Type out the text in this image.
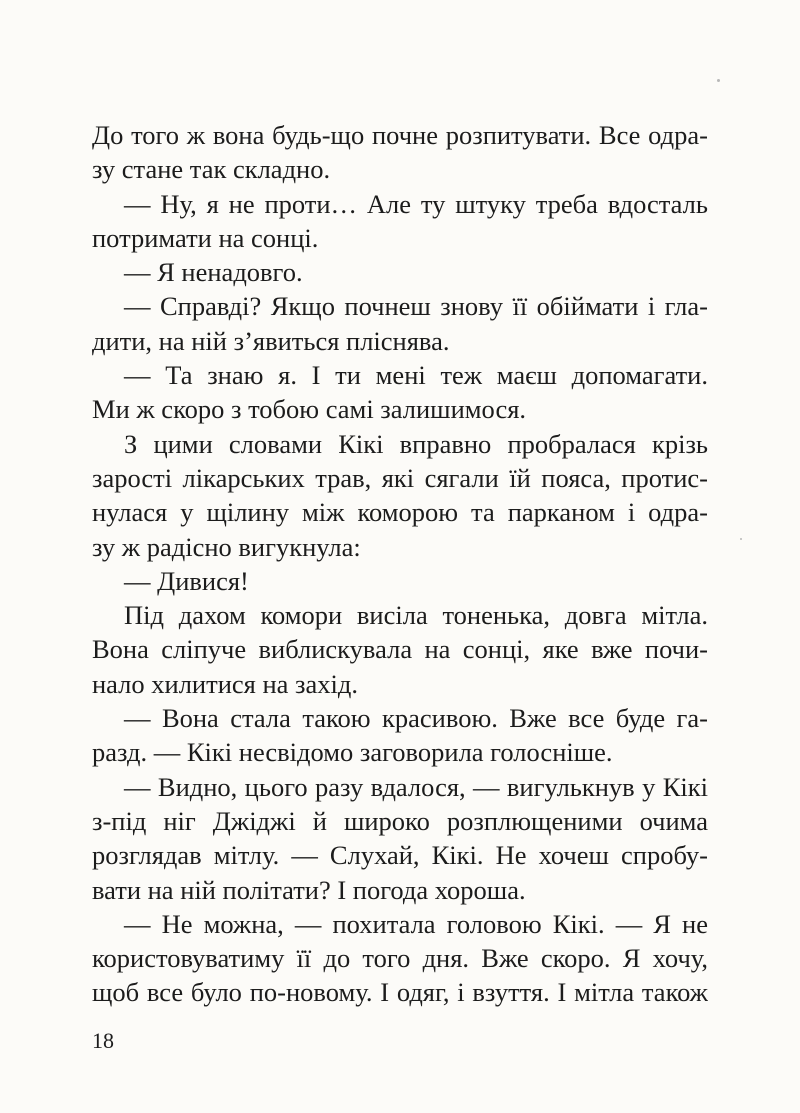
До того ж вона будь-що почне розпитувати. Все одра-
зу стане так складно.
— Ну, я не проти… Але ту штуку треба вдосталь
потримати на сонці.
— Я ненадовго.
— Справді? Якщо почнеш знову її обіймати і гла-
дити, на ній з’явиться пліснява.
— Та знаю я. І ти мені теж маєш допомагати.
Ми ж скоро з тобою самі залишимося.
З цими словами Кікі вправно пробралася крізь
зарості лікарських трав, які сягали їй пояса, протис-
нулася у щілину між коморою та парканом і одра-
зу ж радісно вигукнула:
— Дивися!
Під дахом комори висіла тоненька, довга мітла.
Вона сліпуче виблискувала на сонці, яке вже почи-
нало хилитися на захід.
— Вона стала такою красивою. Вже все буде га-
разд. — Кікі несвідомо заговорила голосніше.
— Видно, цього разу вдалося, — вигулькнув у Кікі
з-під ніг Джіджі й широко розплющеними очима
розглядав мітлу. — Слухай, Кікі. Не хочеш спробу-
вати на ній політати? І погода хороша.
— Не можна, — похитала головою Кікі. — Я не
користовуватиму її до того дня. Вже скоро. Я хочу,
щоб все було по-новому. І одяг, і взуття. І мітла також
18
